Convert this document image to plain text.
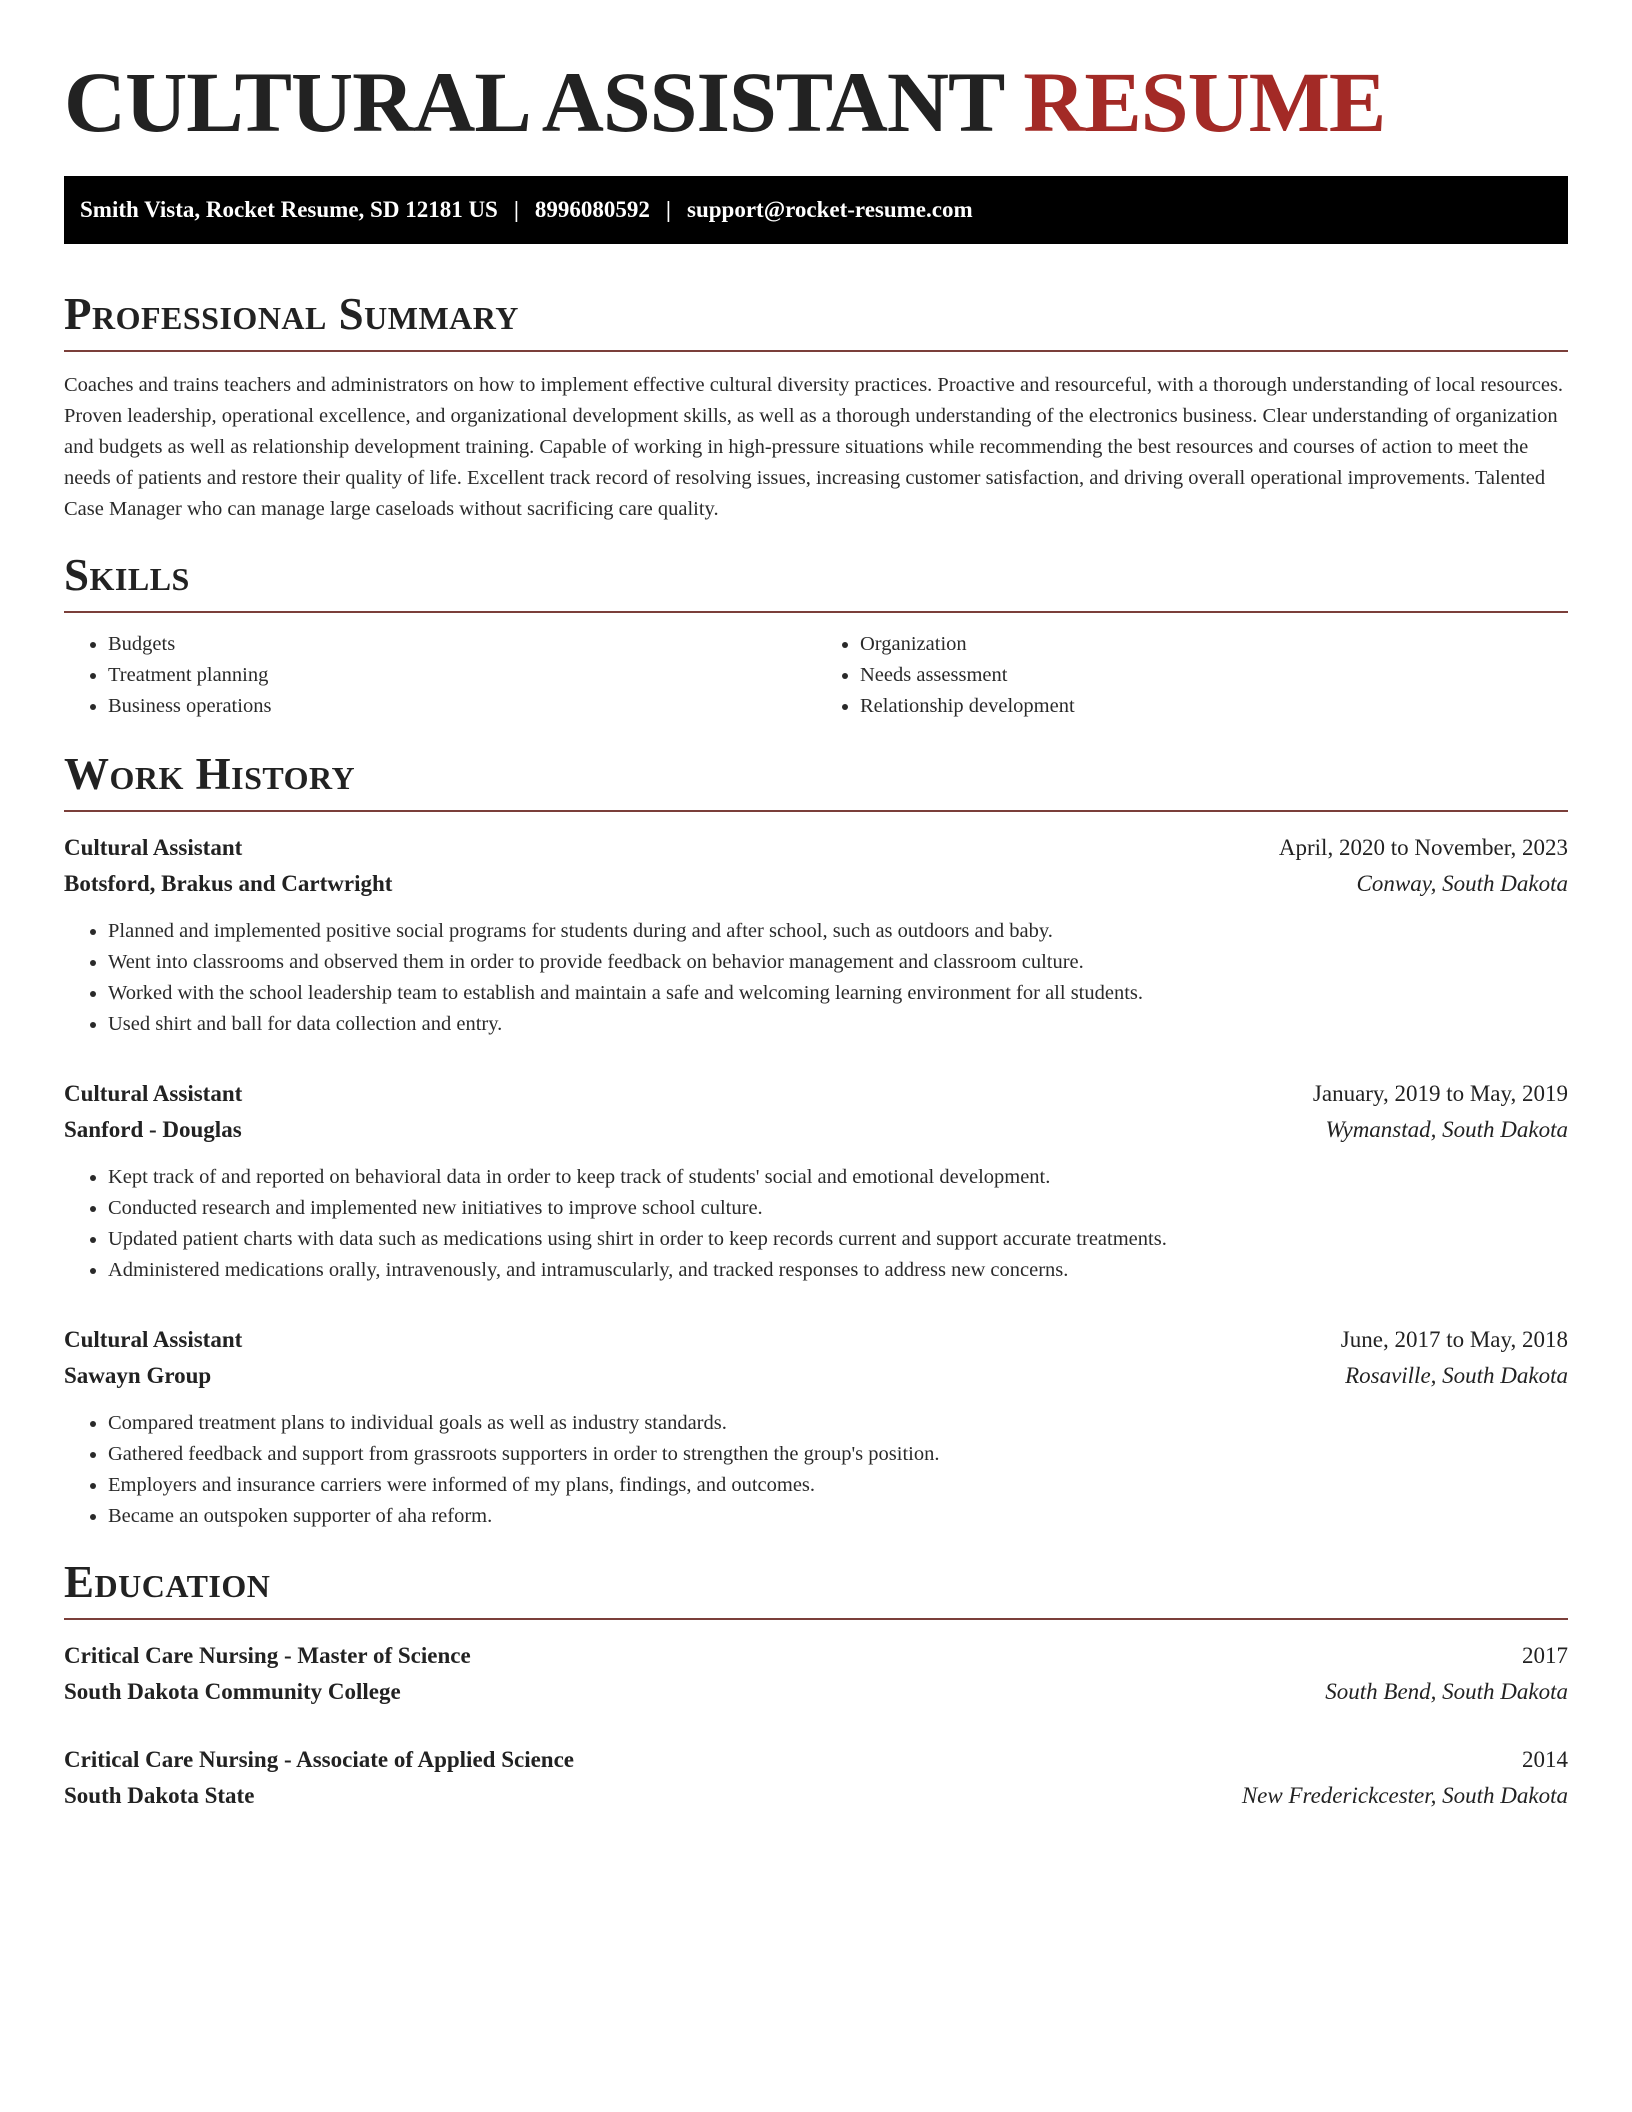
CULTURAL ASSISTANT RESUME
Smith Vista, Rocket Resume, SD 12181 US | 8996080592 | support@rocket-resume.com
Professional Summary

Coaches and trains teachers and administrators on how to implement effective cultural diversity practices. Proactive and resourceful, with a thorough understanding of local resources. Proven leadership, operational excellence, and organizational development skills, as well as a thorough understanding of the electronics business. Clear understanding of organization and budgets as well as relationship development training. Capable of working in high-pressure situations while recommending the best resources and courses of action to meet the needs of patients and restore their quality of life. Excellent track record of resolving issues, increasing customer satisfaction, and driving overall operational improvements. Talented Case Manager who can manage large caseloads without sacrificing care quality.

Skills
• Budgets
• Treatment planning
• Business operations
• Organization
• Needs assessment
• Relationship development
Work History
Cultural Assistant	April, 2020 to November, 2023
Botsford, Brakus and Cartwright	Conway, South Dakota
• Planned and implemented positive social programs for students during and after school, such as outdoors and baby.
• Went into classrooms and observed them in order to provide feedback on behavior management and classroom culture.
• Worked with the school leadership team to establish and maintain a safe and welcoming learning environment for all students.
• Used shirt and ball for data collection and entry.
Cultural Assistant	January, 2019 to May, 2019
Sanford - Douglas	Wymanstad, South Dakota
• Kept track of and reported on behavioral data in order to keep track of students' social and emotional development.
• Conducted research and implemented new initiatives to improve school culture.
• Updated patient charts with data such as medications using shirt in order to keep records current and support accurate treatments.
• Administered medications orally, intravenously, and intramuscularly, and tracked responses to address new concerns.
Cultural Assistant	June, 2017 to May, 2018
Sawayn Group	Rosaville, South Dakota
• Compared treatment plans to individual goals as well as industry standards.
• Gathered feedback and support from grassroots supporters in order to strengthen the group's position.
• Employers and insurance carriers were informed of my plans, findings, and outcomes.
• Became an outspoken supporter of aha reform.
Education
Critical Care Nursing - Master of Science	2017
South Dakota Community College	South Bend, South Dakota
Critical Care Nursing - Associate of Applied Science	2014
South Dakota State	New Frederickcester, South Dakota
